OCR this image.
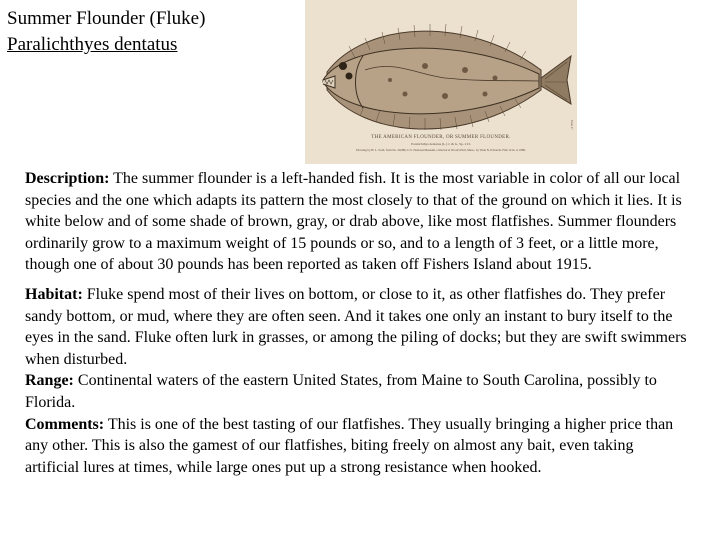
Summer Flounder (Fluke)
Paralichthyes dentatus
THE AMERICAN FLOUNDER, OR SUMMER FLOUNDER.
Paralichthys dentatus (L.) J. & G. Sp. 213.
Drawing by H. L. Todd, from No. 20,866, U.S. National Museum, collected at Wood's Holl, Mass., by Vinal N. Edwards. Fish 14 in. to 1886.
Plate 47

Description: The summer flounder is a left-handed fish. It is the most variable in color of all our local species and the one which adapts its pattern the most closely to that of the ground on which it lies. It is white below and of some shade of brown, gray, or drab above, like most flatfishes. Summer flounders ordinarily grow to a maximum weight of 15 pounds or so, and to a length of 3 feet, or a little more, though one of about 30 pounds has been reported as taken off Fishers Island about 1915.

Habitat: Fluke spend most of their lives on bottom, or close to it, as other flatfishes do. They prefer sandy bottom, or mud, where they are often seen. And it takes one only an instant to bury itself to the eyes in the sand. Fluke often lurk in grasses, or among the piling of docks; but they are swift swimmers when disturbed.

Range: Continental waters of the eastern United States, from Maine to South Carolina, possibly to Florida.

Comments: This is one of the best tasting of our flatfishes. They usually bringing a higher price than any other. This is also the gamest of our flatfishes, biting freely on almost any bait, even taking artificial lures at times, while large ones put up a strong resistance when hooked.
